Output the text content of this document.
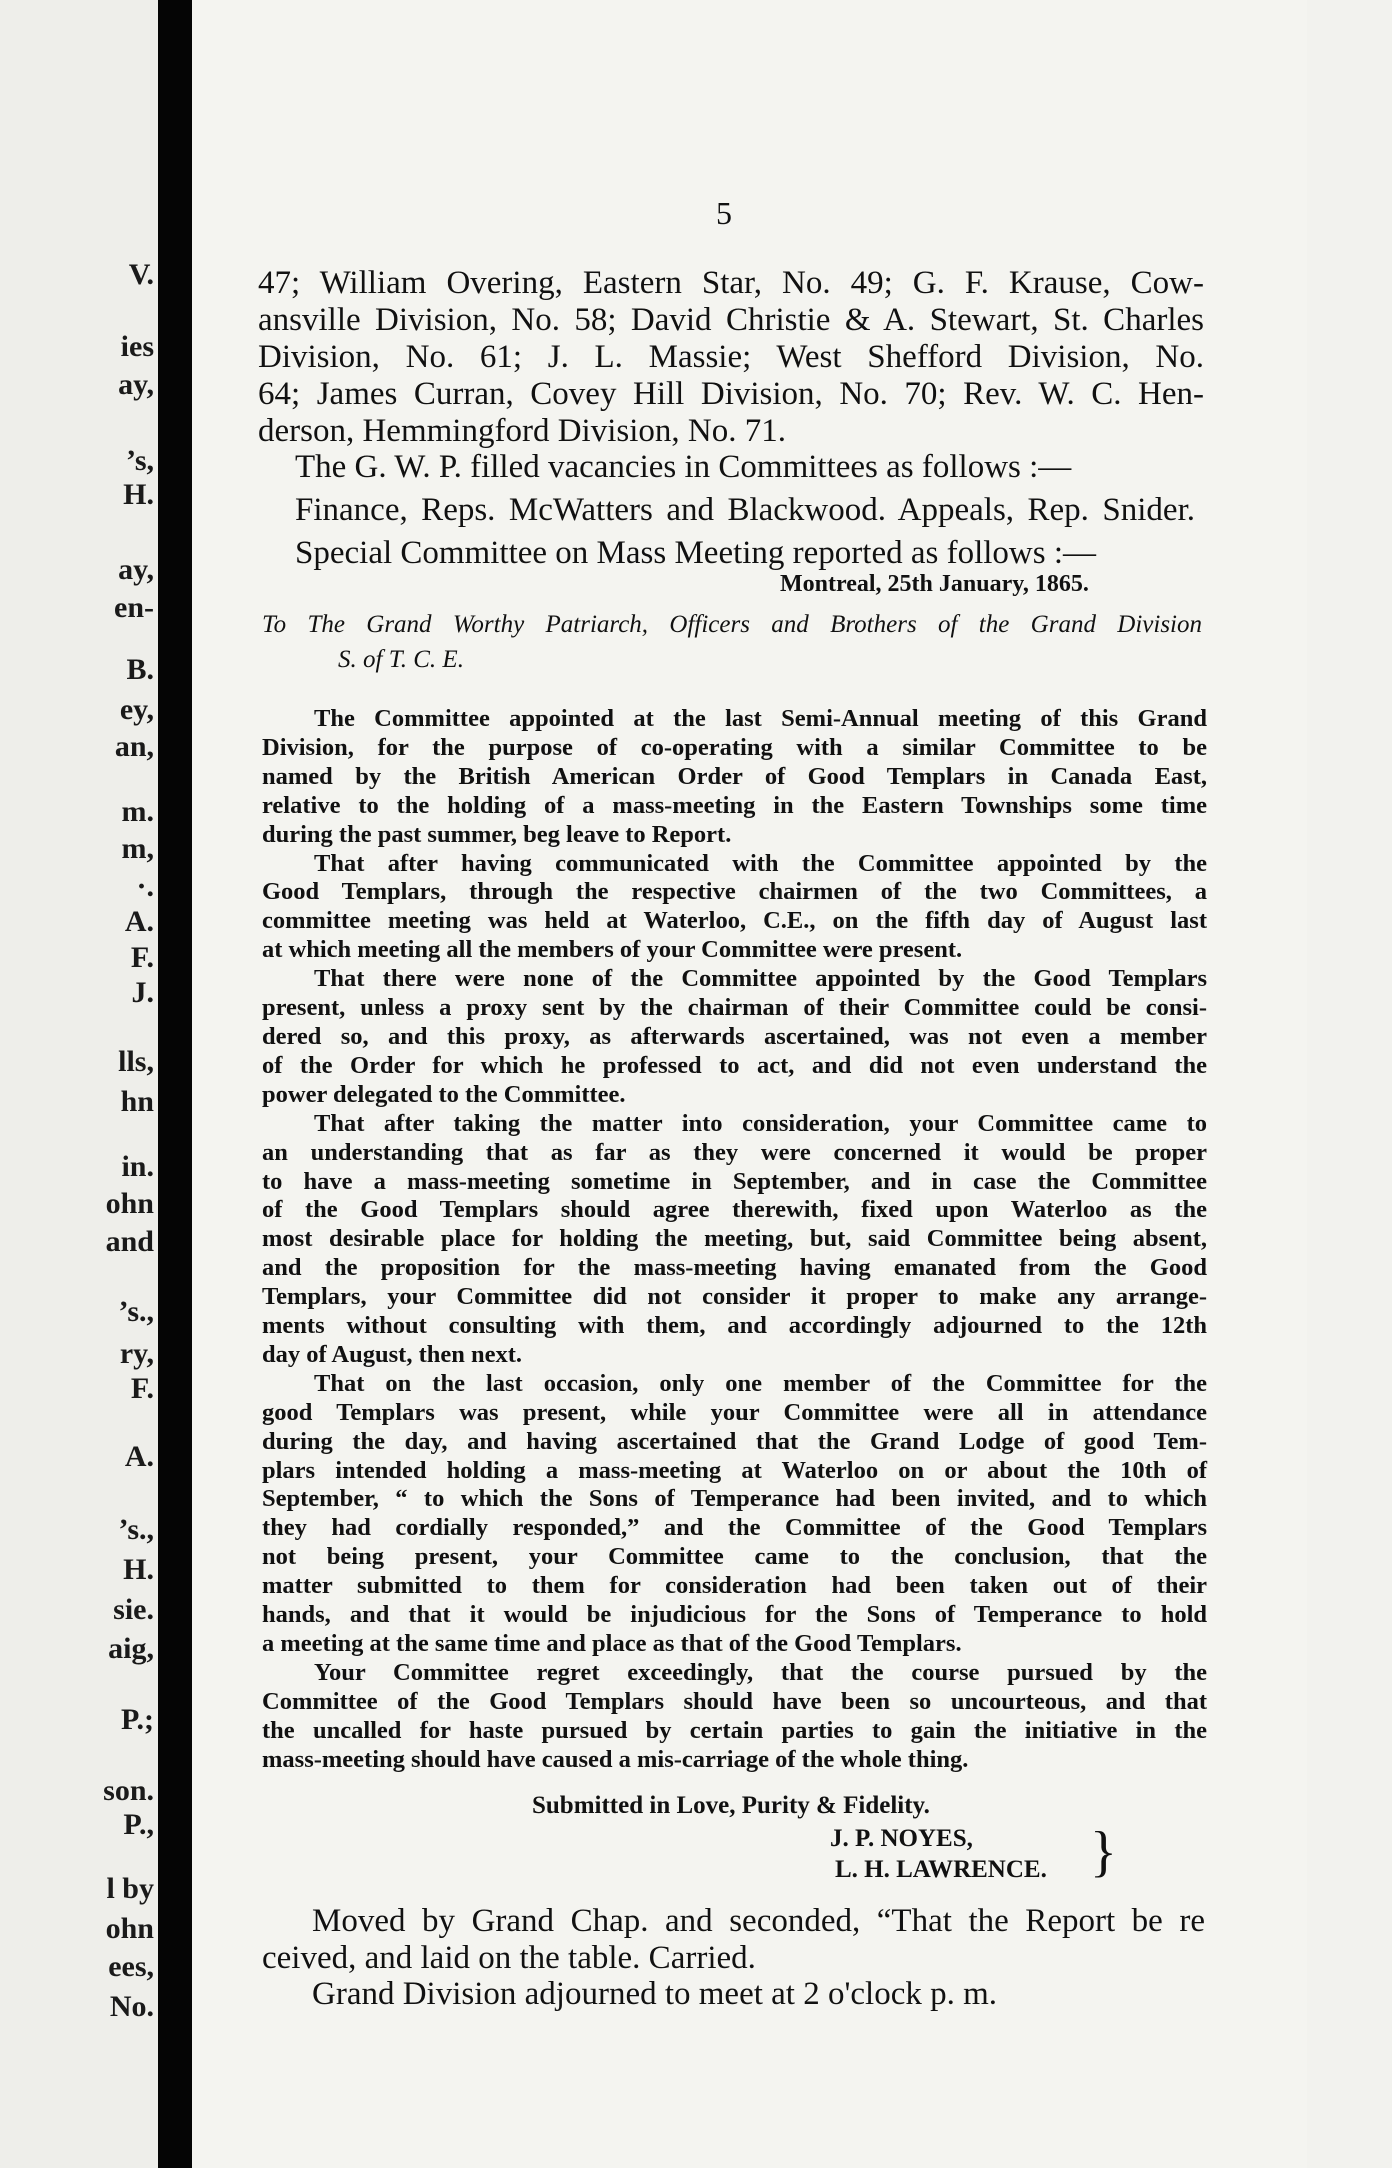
V.
ies
ay,
’s,
H.
ay,
en-
B.
ey,
an,
m.
m,
·.
A.
F.
J.
lls,
hn
in.
ohn
and
’s.,
ry,
F.
A.
’s.,
H.
sie.
aig,
P.;
son.
P.,
l by
ohn
ees,
No.
5
47; William Overing, Eastern Star, No. 49; G. F. Krause, Cow-
ansville Division, No. 58; David Christie & A. Stewart, St. Charles
Division, No. 61; J. L. Massie; West Shefford Division, No.
64; James Curran, Covey Hill Division, No. 70; Rev. W. C. Hen-
derson, Hemmingford Division, No. 71.
The G. W. P. filled vacancies in Committees as follows :—
Finance, Reps. McWatters and Blackwood. Appeals, Rep. Snider.
Special Committee on Mass Meeting reported as follows :—
Montreal, 25th January, 1865.
To The Grand Worthy Patriarch, Officers and Brothers of the Grand Division
S. of T. C. E.
The Committee appointed at the last Semi-Annual meeting of this Grand
Division, for the purpose of co-operating with a similar Committee to be
named by the British American Order of Good Templars in Canada East,
relative to the holding of a mass-meeting in the Eastern Townships some time
during the past summer, beg leave to Report.
That after having communicated with the Committee appointed by the
Good Templars, through the respective chairmen of the two Committees, a
committee meeting was held at Waterloo, C.E., on the fifth day of August last
at which meeting all the members of your Committee were present.
That there were none of the Committee appointed by the Good Templars
present, unless a proxy sent by the chairman of their Committee could be consi-
dered so, and this proxy, as afterwards ascertained, was not even a member
of the Order for which he professed to act, and did not even understand the
power delegated to the Committee.
That after taking the matter into consideration, your Committee came to
an understanding that as far as they were concerned it would be proper
to have a mass-meeting sometime in September, and in case the Committee
of the Good Templars should agree therewith, fixed upon Waterloo as the
most desirable place for holding the meeting, but, said Committee being absent,
and the proposition for the mass-meeting having emanated from the Good
Templars, your Committee did not consider it proper to make any arrange-
ments without consulting with them, and accordingly adjourned to the 12th
day of August, then next.
That on the last occasion, only one member of the Committee for the
good Templars was present, while your Committee were all in attendance
during the day, and having ascertained that the Grand Lodge of good Tem-
plars intended holding a mass-meeting at Waterloo on or about the 10th of
September, “ to which the Sons of Temperance had been invited, and to which
they had cordially responded,” and the Committee of the Good Templars
not being present, your Committee came to the conclusion, that the
matter submitted to them for consideration had been taken out of their
hands, and that it would be injudicious for the Sons of Temperance to hold
a meeting at the same time and place as that of the Good Templars.
Your Committee regret exceedingly, that the course pursued by the
Committee of the Good Templars should have been so uncourteous, and that
the uncalled for haste pursued by certain parties to gain the initiative in the
mass-meeting should have caused a mis-carriage of the whole thing.
Submitted in Love, Purity & Fidelity.
J. P. NOYES,
L. H. LAWRENCE. }
Moved by Grand Chap. and seconded, “That the Report be re
ceived, and laid on the table. Carried.
Grand Division adjourned to meet at 2 o'clock p. m.
